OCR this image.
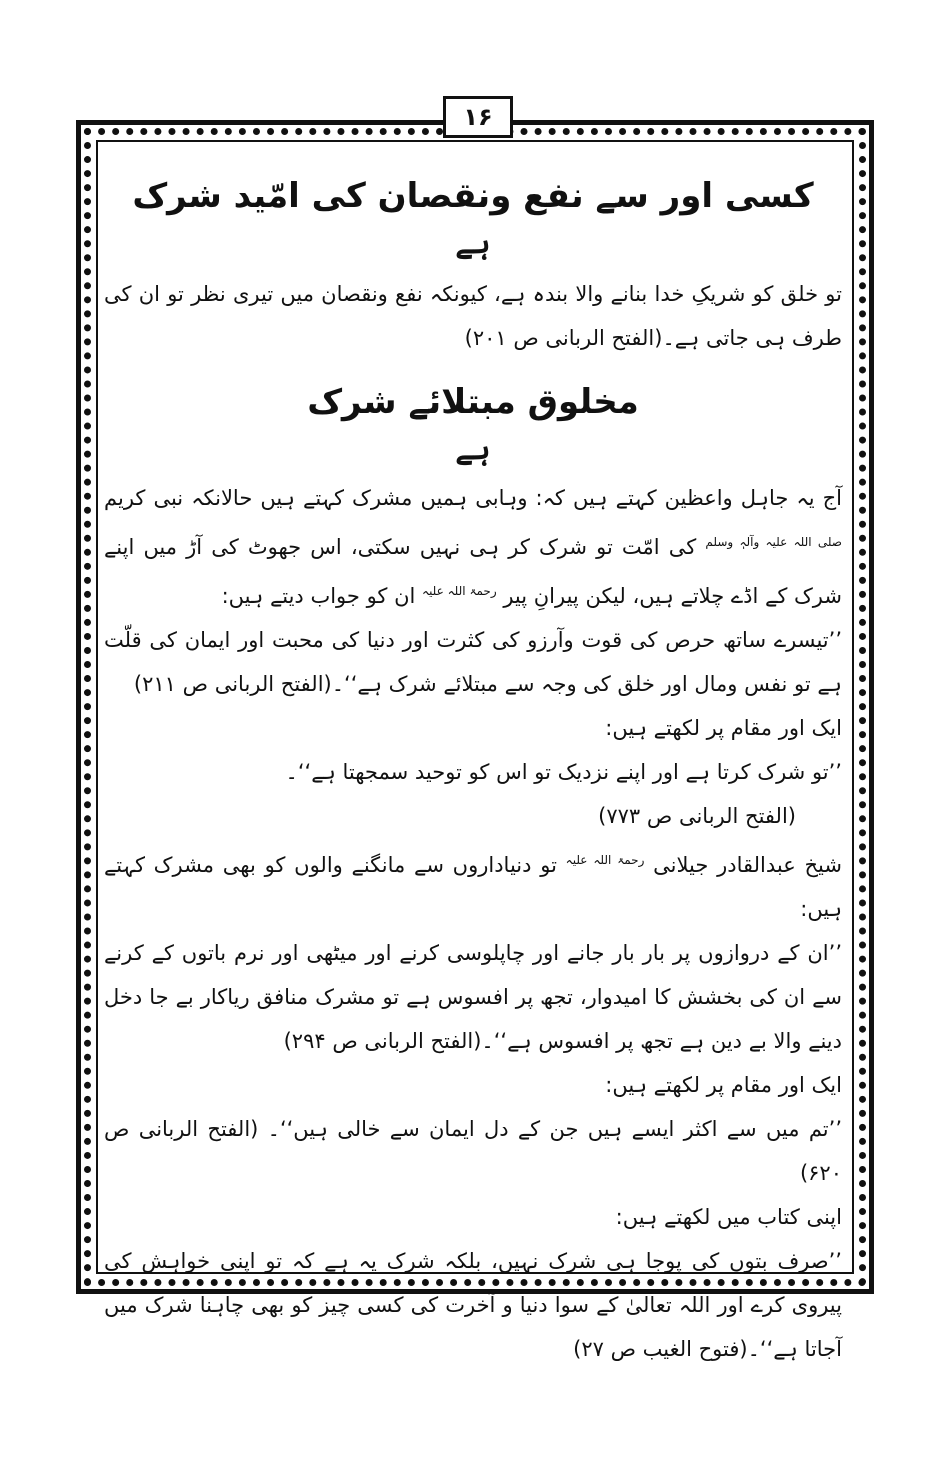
۱۶
کسی اور سے نفع ونقصان کی امّید شرک
ہے

تو خلق کو شریکِ خدا بنانے والا بندہ ہے، کیونکہ نفع ونقصان میں تیری نظر تو ان کی طرف ہی جاتی ہے۔(الفتح الربانی ص ۲۰۱)

مخلوق مبتلائے شرک
ہے

آج یہ جاہل واعظین کہتے ہیں کہ: وہابی ہمیں مشرک کہتے ہیں حالانکہ نبی کریم $^{صلی اللہ علیہ وآلہٖ وسلم}$ کی امّت تو شرک کر ہی نہیں سکتی، اس جھوٹ کی آڑ میں اپنے شرک کے اڈے چلاتے ہیں، لیکن پیرانِ پیر $^{رحمۃ اللہ علیہ}$ ان کو جواب دیتے ہیں:

’’تیسرے ساتھ حرص کی قوت وآرزو کی کثرت اور دنیا کی محبت اور ایمان کی قلّت ہے تو نفس ومال اور خلق کی وجہ سے مبتلائے شرک ہے‘‘۔(الفتح الربانی ص ۲۱۱)

ایک اور مقام پر لکھتے ہیں:

’’تو شرک کرتا ہے اور اپنے نزدیک تو اس کو توحید سمجھتا ہے‘‘۔

(الفتح الربانی ص ۷۷۳)

شیخ عبدالقادر جیلانی $^{رحمۃ اللہ علیہ}$ تو دنیاداروں سے مانگنے والوں کو بھی مشرک کہتے ہیں:

’’ان کے دروازوں پر بار بار جانے اور چاپلوسی کرنے اور میٹھی اور نرم باتوں کے کرنے سے ان کی بخشش کا امیدوار، تجھ پر افسوس ہے تو مشرک منافق ریاکار بے جا دخل دینے والا بے دین ہے تجھ پر افسوس ہے‘‘۔(الفتح الربانی ص ۲۹۴)

ایک اور مقام پر لکھتے ہیں:

’’تم میں سے اکثر ایسے ہیں جن کے دل ایمان سے خالی ہیں‘‘۔ (الفتح الربانی ص ۶۲۰)

اپنی کتاب میں لکھتے ہیں:

’’صرف بتوں کی پوجا ہی شرک نہیں، بلکہ شرک یہ ہے کہ تو اپنی خواہش کی پیروی کرے اور اللہ تعالیٰ کے سوا دنیا و آخرت کی کسی چیز کو بھی چاہنا شرک میں آجاتا ہے‘‘۔(فتوح الغیب ص ۲۷)
